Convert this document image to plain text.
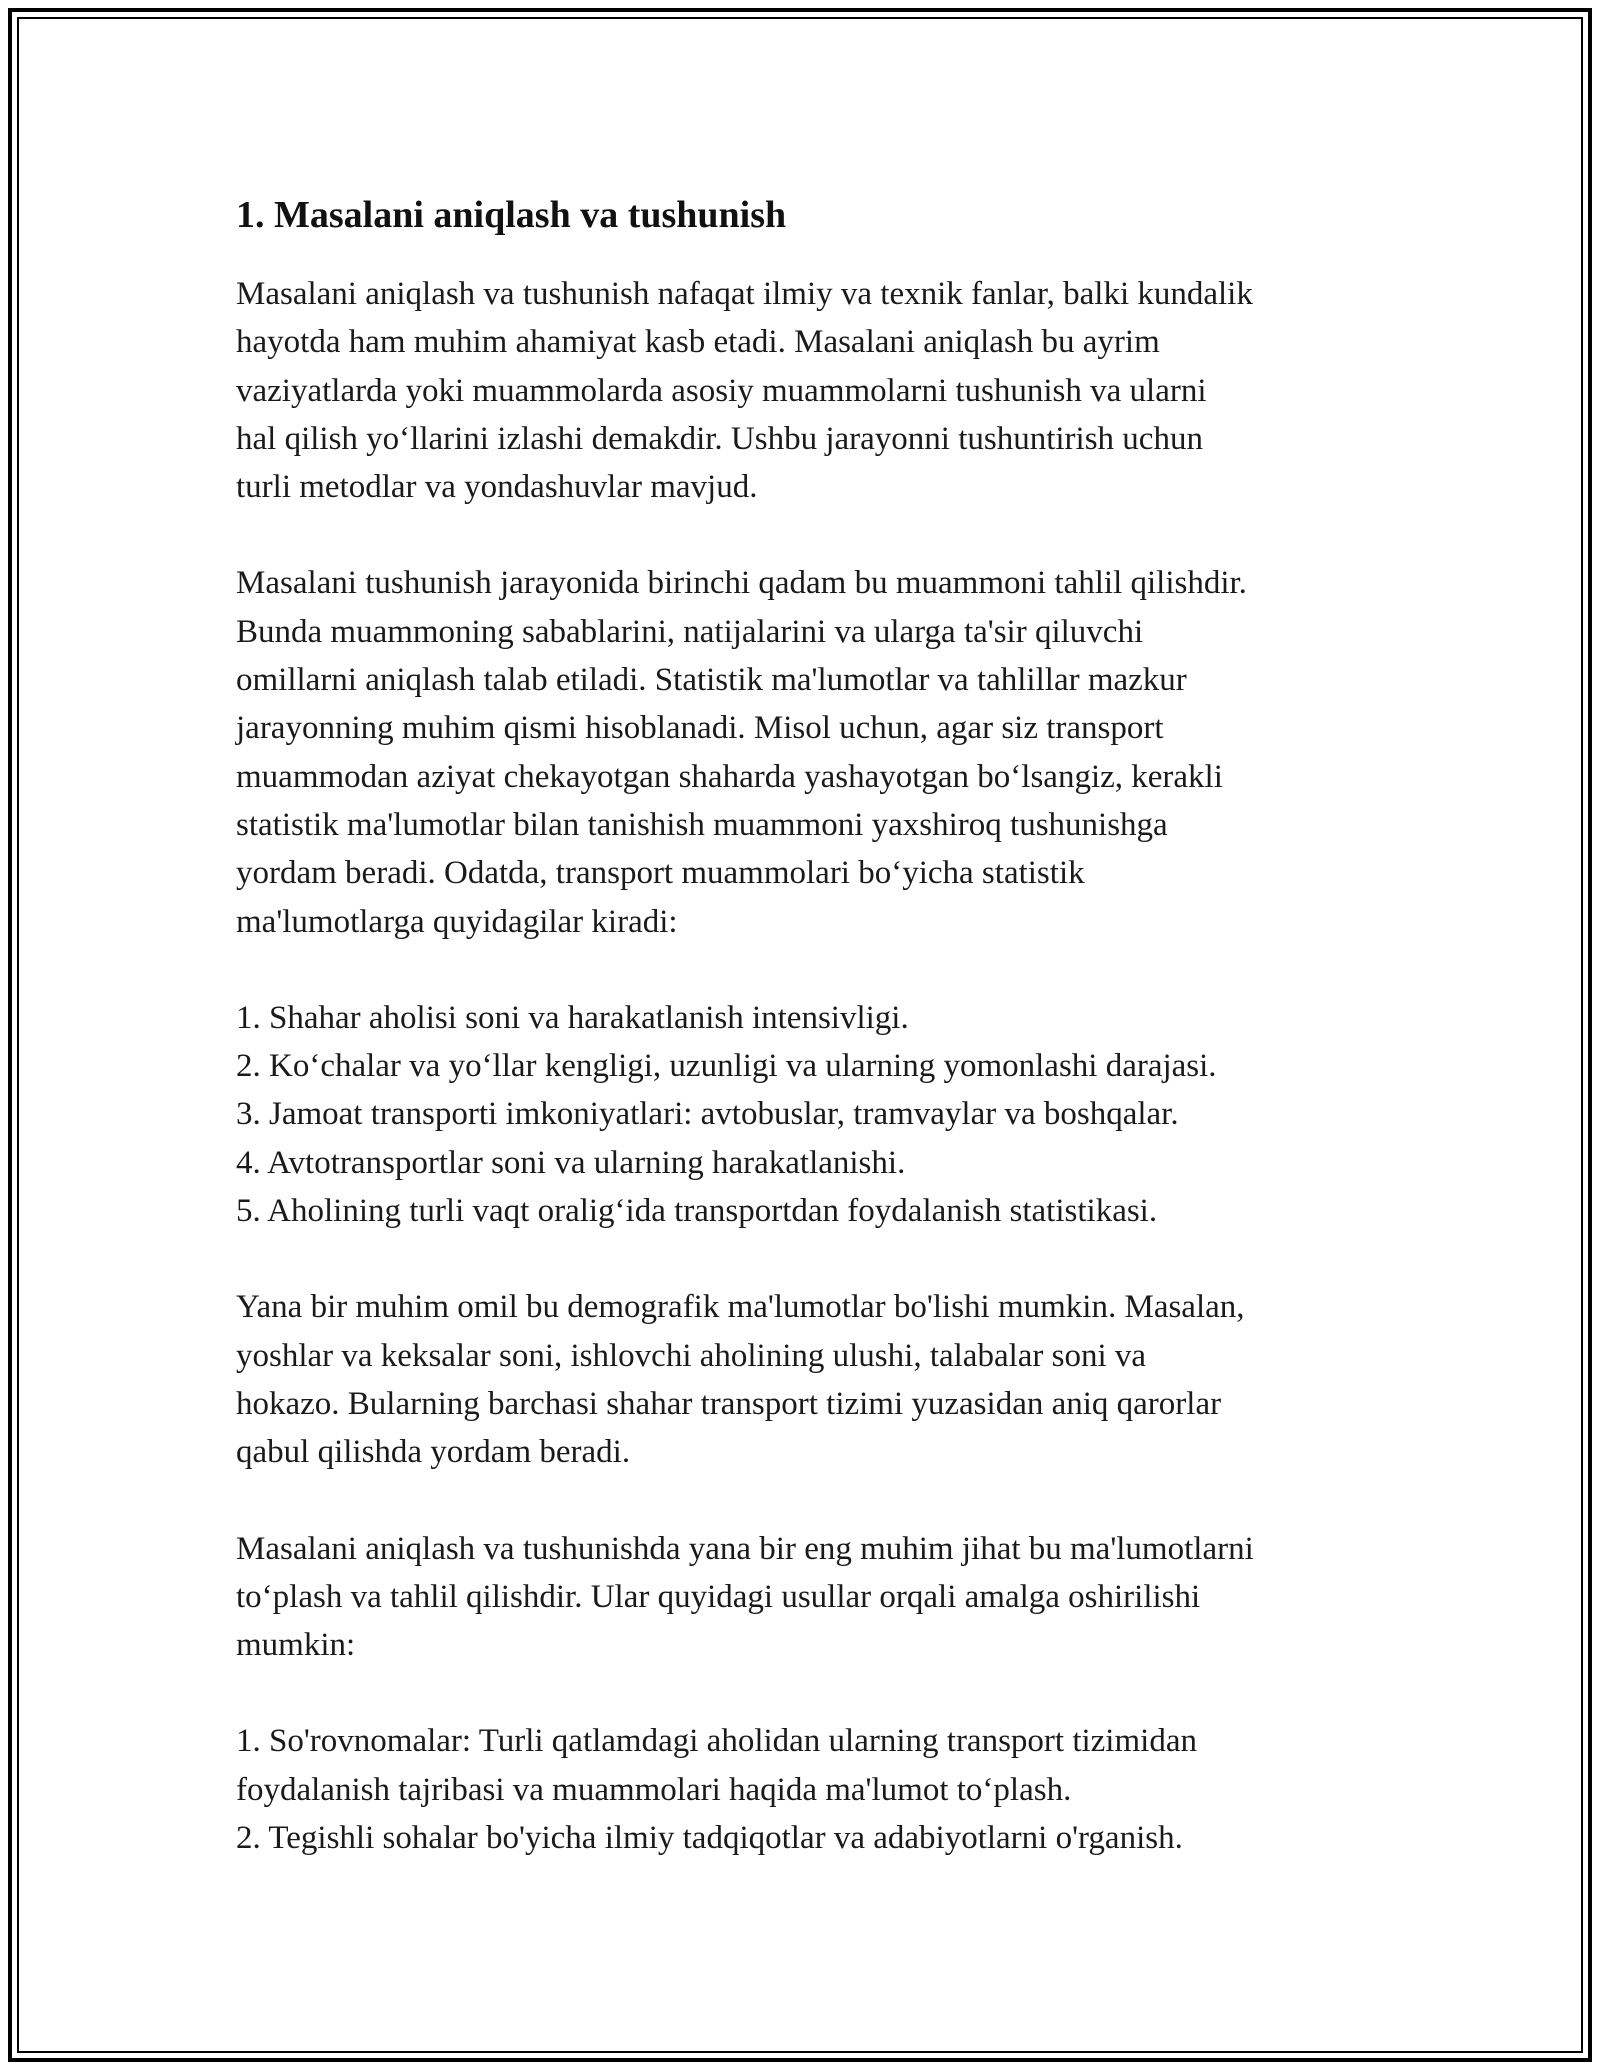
1. Masalani aniqlash va tushunish

Masalani aniqlash va tushunish nafaqat ilmiy va texnik fanlar, balki kundalik
hayotda ham muhim ahamiyat kasb etadi. Masalani aniqlash bu ayrim
vaziyatlarda yoki muammolarda asosiy muammolarni tushunish va ularni
hal qilish yo‘llarini izlashi demakdir. Ushbu jarayonni tushuntirish uchun
turli metodlar va yondashuvlar mavjud.

Masalani tushunish jarayonida birinchi qadam bu muammoni tahlil qilishdir.
Bunda muammoning sabablarini, natijalarini va ularga ta'sir qiluvchi
omillarni aniqlash talab etiladi. Statistik ma'lumotlar va tahlillar mazkur
jarayonning muhim qismi hisoblanadi. Misol uchun, agar siz transport
muammodan aziyat chekayotgan shaharda yashayotgan bo‘lsangiz, kerakli
statistik ma'lumotlar bilan tanishish muammoni yaxshiroq tushunishga
yordam beradi. Odatda, transport muammolari bo‘yicha statistik
ma'lumotlarga quyidagilar kiradi:

1. Shahar aholisi soni va harakatlanish intensivligi.

2. Ko‘chalar va yo‘llar kengligi, uzunligi va ularning yomonlashi darajasi.

3. Jamoat transporti imkoniyatlari: avtobuslar, tramvaylar va boshqalar.

4. Avtotransportlar soni va ularning harakatlanishi.

5. Aholining turli vaqt oralig‘ida transportdan foydalanish statistikasi.

Yana bir muhim omil bu demografik ma'lumotlar bo'lishi mumkin. Masalan,
yoshlar va keksalar soni, ishlovchi aholining ulushi, talabalar soni va
hokazo. Bularning barchasi shahar transport tizimi yuzasidan aniq qarorlar
qabul qilishda yordam beradi.

Masalani aniqlash va tushunishda yana bir eng muhim jihat bu ma'lumotlarni
to‘plash va tahlil qilishdir. Ular quyidagi usullar orqali amalga oshirilishi
mumkin:

1. So'rovnomalar: Turli qatlamdagi aholidan ularning transport tizimidan

foydalanish tajribasi va muammolari haqida ma'lumot to‘plash.

2. Tegishli sohalar bo'yicha ilmiy tadqiqotlar va adabiyotlarni o'rganish.
